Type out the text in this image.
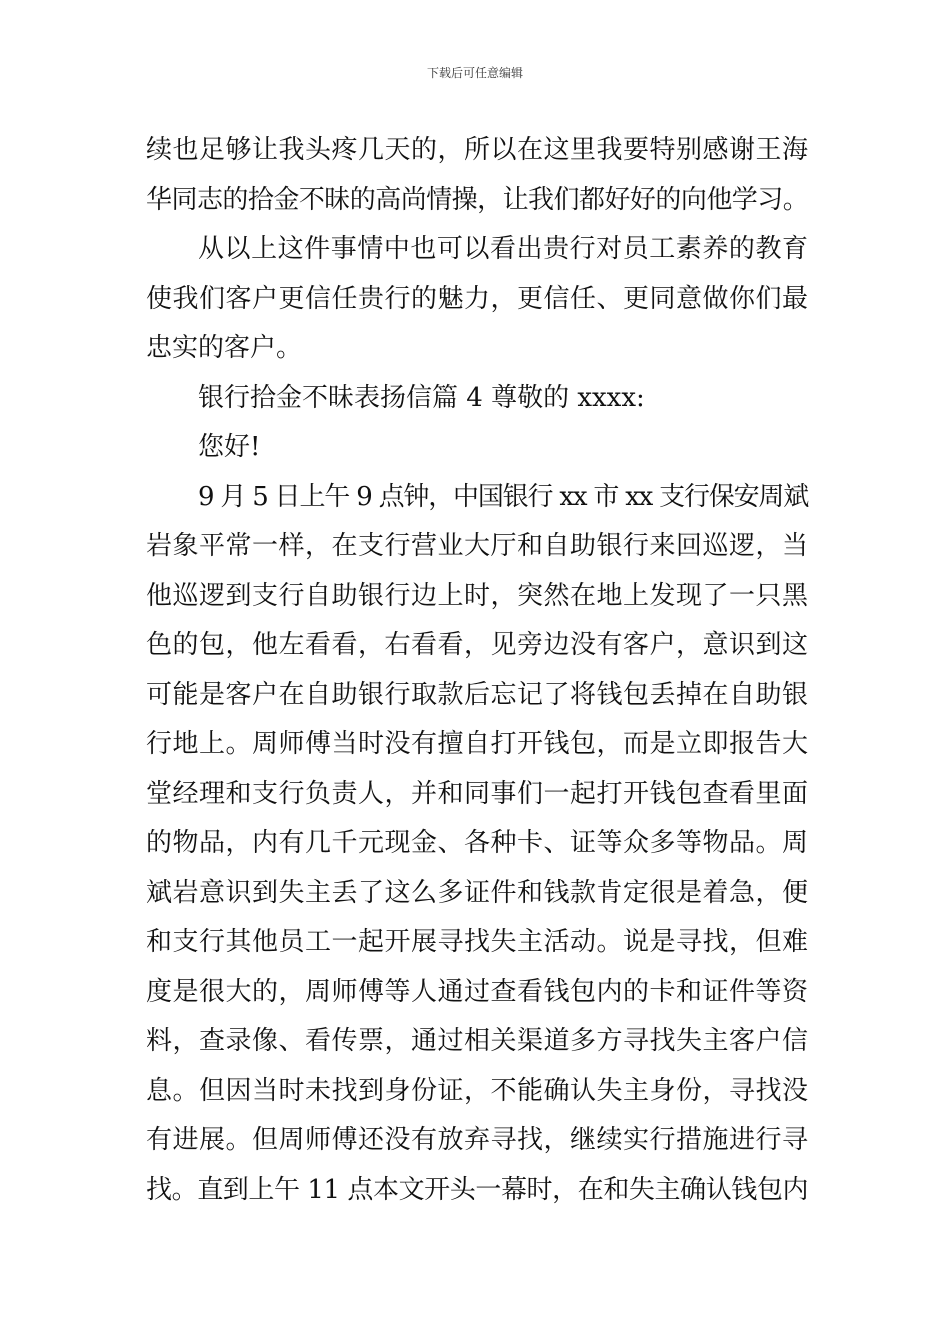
下载后可任意编辑
续也足够让我头疼几天的，所以在这里我要特别感谢王海
华同志的拾金不昧的高尚情操，让我们都好好的向他学习。
从以上这件事情中也可以看出贵行对员工素养的教育
使我们客户更信任贵行的魅力，更信任、更同意做你们最
忠实的客户。
银行拾金不昧表扬信篇 4 尊敬的 xxxx:
您好!
9 月 5 日上午 9 点钟，中国银行 xx 市 xx 支行保安周斌
岩象平常一样，在支行营业大厅和自助银行来回巡逻，当
他巡逻到支行自助银行边上时，突然在地上发现了一只黑
色的包，他左看看，右看看，见旁边没有客户，意识到这
可能是客户在自助银行取款后忘记了将钱包丢掉在自助银
行地上。周师傅当时没有擅自打开钱包，而是立即报告大
堂经理和支行负责人，并和同事们一起打开钱包查看里面
的物品，内有几千元现金、各种卡、证等众多等物品。周
斌岩意识到失主丢了这么多证件和钱款肯定很是着急，便
和支行其他员工一起开展寻找失主活动。说是寻找，但难
度是很大的，周师傅等人通过查看钱包内的卡和证件等资
料，查录像、看传票，通过相关渠道多方寻找失主客户信
息。但因当时未找到身份证，不能确认失主身份，寻找没
有进展。但周师傅还没有放弃寻找，继续实行措施进行寻
找。直到上午 11 点本文开头一幕时，在和失主确认钱包内
